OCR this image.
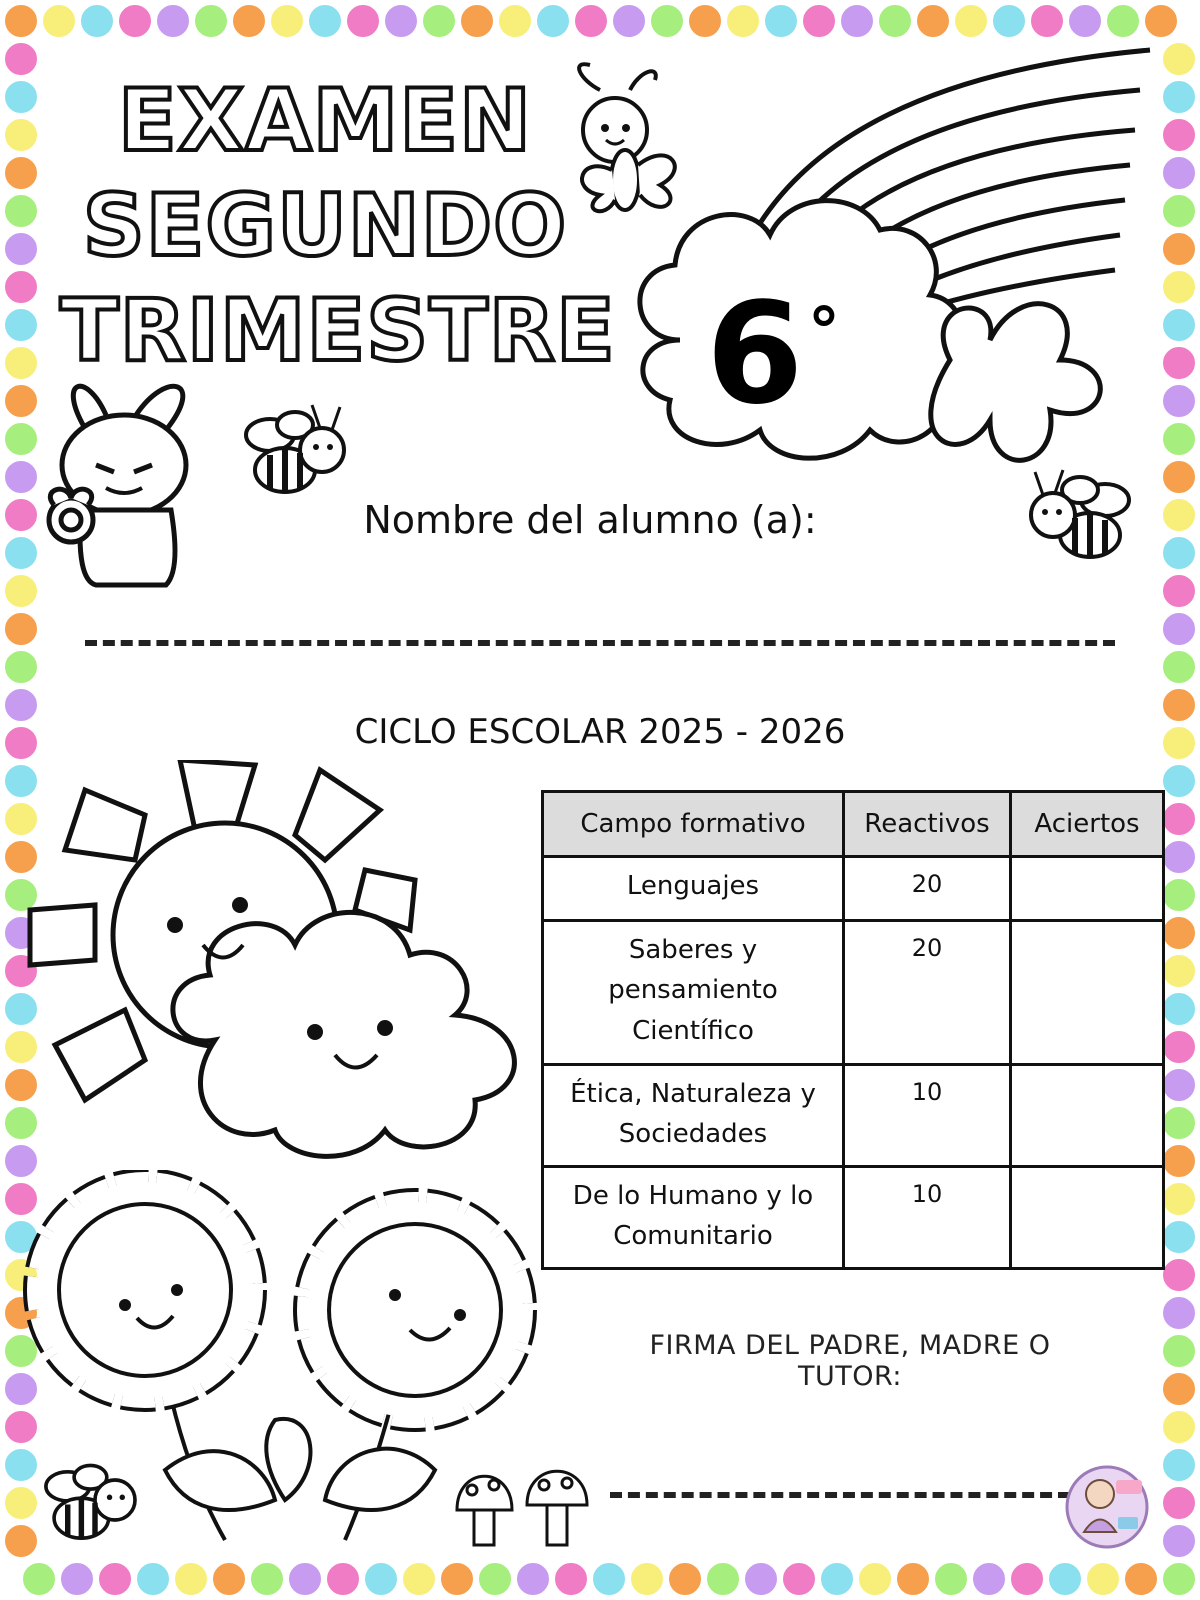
EXAMEN
SEGUNDO
TRIMESTRE 6 °
Nombre del alumno (a):
CICLO ESCOLAR 2025 - 2026
Campo formativo	Reactivos	Aciertos
Lenguajes	20	
Saberes y pensamiento Científico	20	
Ética, Naturaleza y Sociedades	10	
De lo Humano y lo Comunitario	10	
FIRMA DEL PADRE, MADRE O TUTOR:
